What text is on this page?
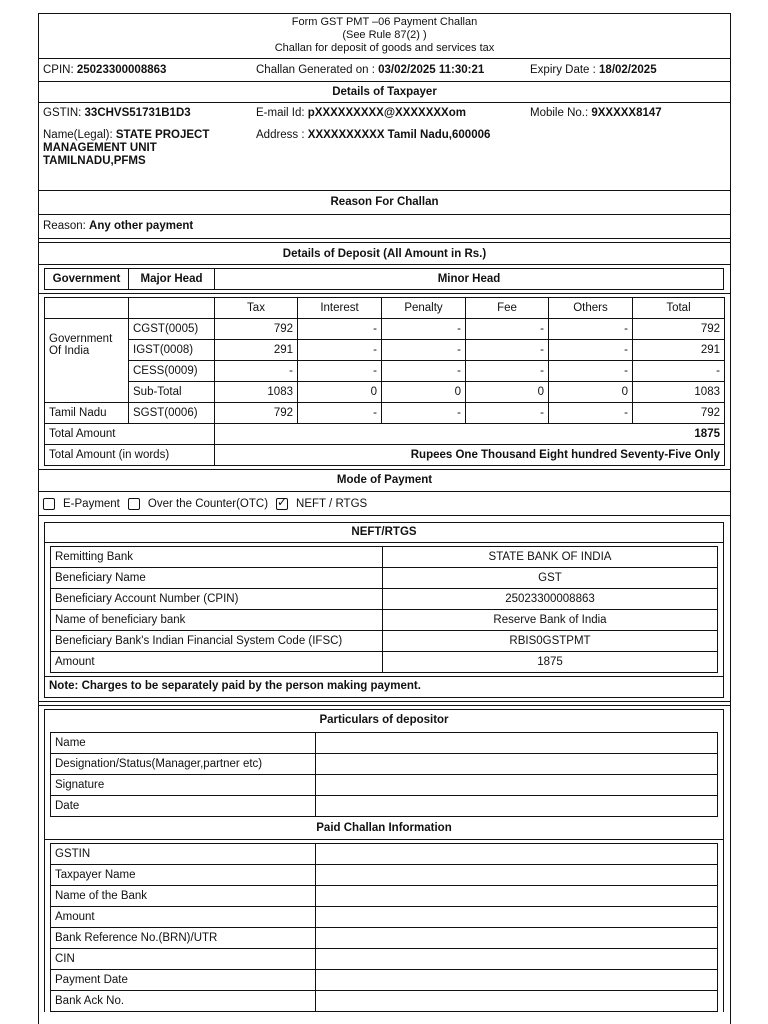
Form GST PMT –06 Payment Challan
(See Rule 87(2) )
Challan for deposit of goods and services tax
CPIN: 25023300008863	Challan Generated on : 03/02/2025 11:30:21	Expiry Date : 18/02/2025
Details of Taxpayer
GSTIN: 33CHVS51731B1D3
Name(Legal): STATE PROJECT
MANAGEMENT UNIT
TAMILNADU,PFMS
E-mail Id: pXXXXXXXXX@XXXXXXXom
Address : XXXXXXXXXX Tamil Nadu,600006
Mobile No.: 9XXXXX8147
Reason For Challan
Reason: Any other payment
Details of Deposit (All Amount in Rs.)
Government	Major Head	Minor Head
		Tax	Interest	Penalty	Fee	Others	Total
Government Of India	CGST(0005)	792	-	-	-	-	792
	IGST(0008)	291	-	-	-	-	291
	CESS(0009)	-	-	-	-	-	-
	Sub-Total	1083	0	0	0	0	1083
Tamil Nadu	SGST(0006)	792	-	-	-	-	792
Total Amount		1875					
Total Amount (in words)		Rupees One Thousand Eight hundred Seventy-Five Only					
Mode of Payment
E-Payment Over the Counter(OTC) ✓ NEFT / RTGS
NEFT/RTGS
Remitting Bank	STATE BANK OF INDIA
Beneficiary Name	GST
Beneficiary Account Number (CPIN)	25023300008863
Name of beneficiary bank	Reserve Bank of India
Beneficiary Bank's Indian Financial System Code (IFSC)	RBIS0GSTPMT
Amount	1875
Note: Charges to be separately paid by the person making payment.
Particulars of depositor
Name	
Designation/Status(Manager,partner etc)	
Signature	
Date	
Paid Challan Information
GSTIN	
Taxpayer Name	
Name of the Bank	
Amount	
Bank Reference No.(BRN)/UTR	
CIN	
Payment Date	
Bank Ack No.	
